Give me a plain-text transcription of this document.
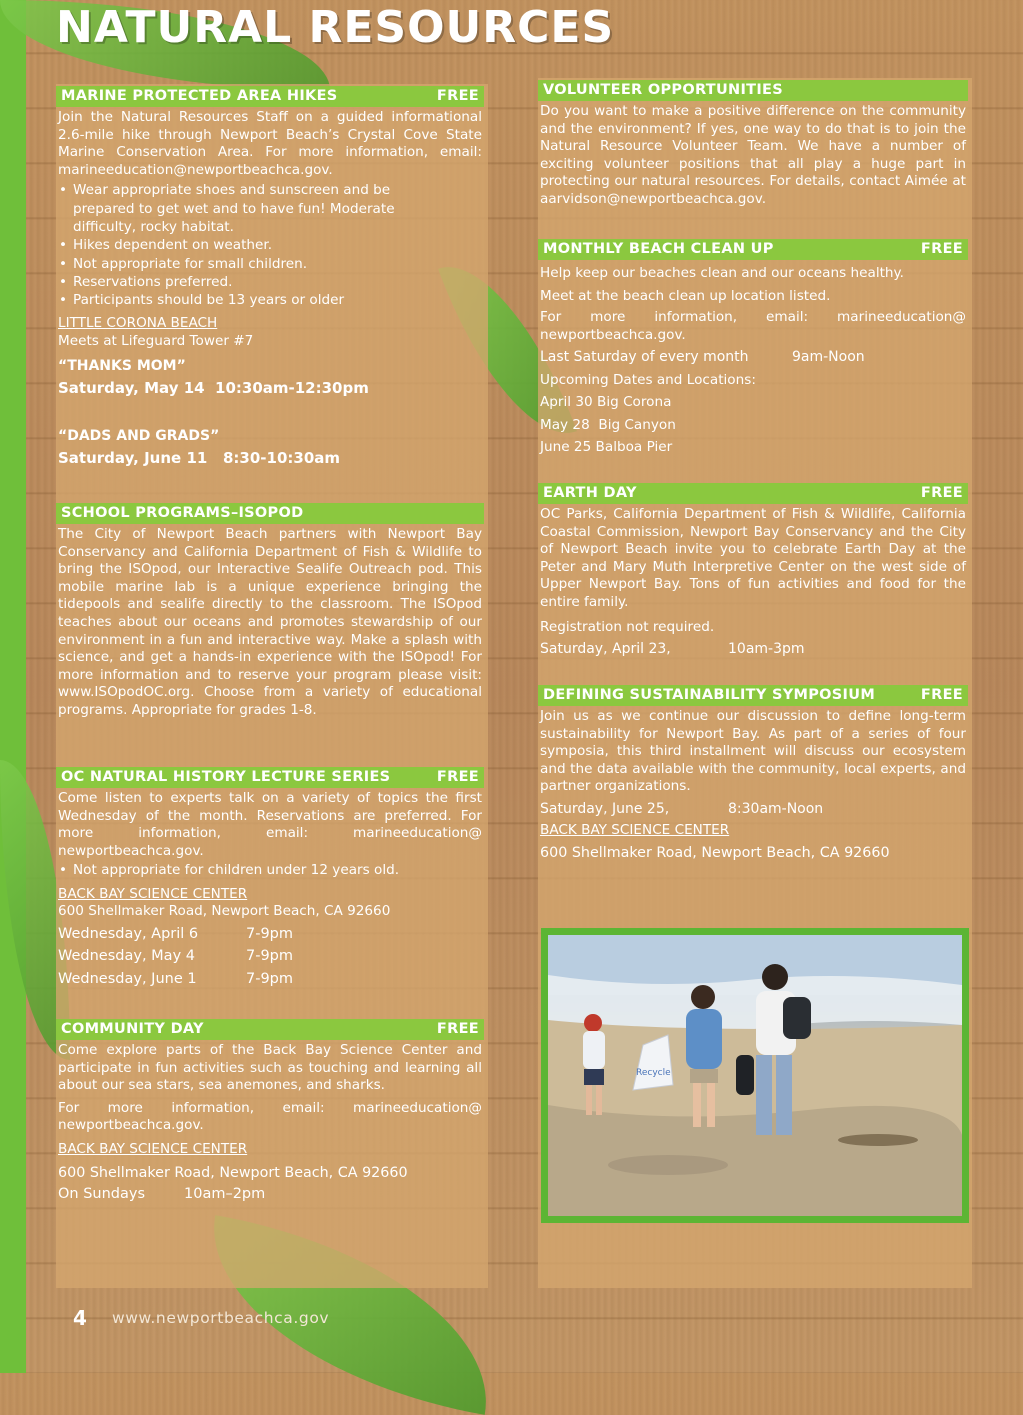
NATURAL RESOURCES
MARINE PROTECTED AREA HIKES	FREE

Join the Natural Resources Staff on a guided informational 2.6-mile hike through Newport Beach’s Crystal Cove State Marine Conservation Area. For more information, email: marineeducation@newportbeachca.gov.

• Wear appropriate shoes and sunscreen and be prepared to get wet and to have fun! Moderate difficulty, rocky habitat.
• Hikes dependent on weather.
• Not appropriate for small children.
• Reservations preferred.
• Participants should be 13 years or older

LITTLE CORONA BEACH

Meets at Lifeguard Tower #7

“THANKS MOM”

Saturday, May 14  10:30am-12:30pm

“DADS AND GRADS”

Saturday, June 11   8:30-10:30am

SCHOOL PROGRAMS–ISOPOD

The City of Newport Beach partners with Newport Bay Conservancy and California Department of Fish & Wildlife to bring the ISOpod, our Interactive Sealife Outreach pod. This mobile marine lab is a unique experience bringing the tidepools and sealife directly to the classroom. The ISOpod teaches about our oceans and promotes stewardship of our environment in a fun and interactive way. Make a splash with science, and get a hands-in experience with the ISOpod! For more information and to reserve your program please visit: www.ISOpodOC.org. Choose from a variety of educational programs. Appropriate for grades 1-8.

OC NATURAL HISTORY LECTURE SERIES	FREE

Come listen to experts talk on a variety of topics the first Wednesday of the month. Reservations are preferred. For more information, email: marineeducation@ newportbeachca.gov.

• Not appropriate for children under 12 years old.

BACK BAY SCIENCE CENTER

600 Shellmaker Road, Newport Beach, CA 92660

Wednesday, April 6	7-9pm
Wednesday, May 4	7-9pm
Wednesday, June 1	7-9pm
COMMUNITY DAY	FREE

Come explore parts of the Back Bay Science Center and participate in fun activities such as touching and learning all about our sea stars, sea anemones, and sharks.

For more information, email: marineeducation@ newportbeachca.gov.

BACK BAY SCIENCE CENTER

600 Shellmaker Road, Newport Beach, CA 92660

On Sundays	10am–2pm
VOLUNTEER OPPORTUNITIES

Do you want to make a positive difference on the community and the environment? If yes, one way to do that is to join the Natural Resource Volunteer Team. We have a number of exciting volunteer positions that all play a huge part in protecting our natural resources. For details, contact Aimée at aarvidson@newportbeachca.gov.

MONTHLY BEACH CLEAN UP	FREE

Help keep our beaches clean and our oceans healthy.

Meet at the beach clean up location listed.

For more information, email: marineeducation@ newportbeachca.gov.

Last Saturday of every month	9am-Noon

Upcoming Dates and Locations:

April 30 Big Corona

May 28  Big Canyon

June 25 Balboa Pier

EARTH DAY	FREE

OC Parks, California Department of Fish & Wildlife, California Coastal Commission, Newport Bay Conservancy and the City of Newport Beach invite you to celebrate Earth Day at the Peter and Mary Muth Interpretive Center on the west side of Upper Newport Bay. Tons of fun activities and food for the entire family.

Registration not required.

Saturday, April 23,	10am-3pm
DEFINING SUSTAINABILITY SYMPOSIUM	FREE

Join us as we continue our discussion to define long-term sustainability for Newport Bay. As part of a series of four symposia, this third installment will discuss our ecosystem and the data available with the community, local experts, and partner organizations.

Saturday, June 25,	8:30am-Noon

BACK BAY SCIENCE CENTER

600 Shellmaker Road, Newport Beach, CA 92660

Recycle
4 www.newportbeachca.gov
